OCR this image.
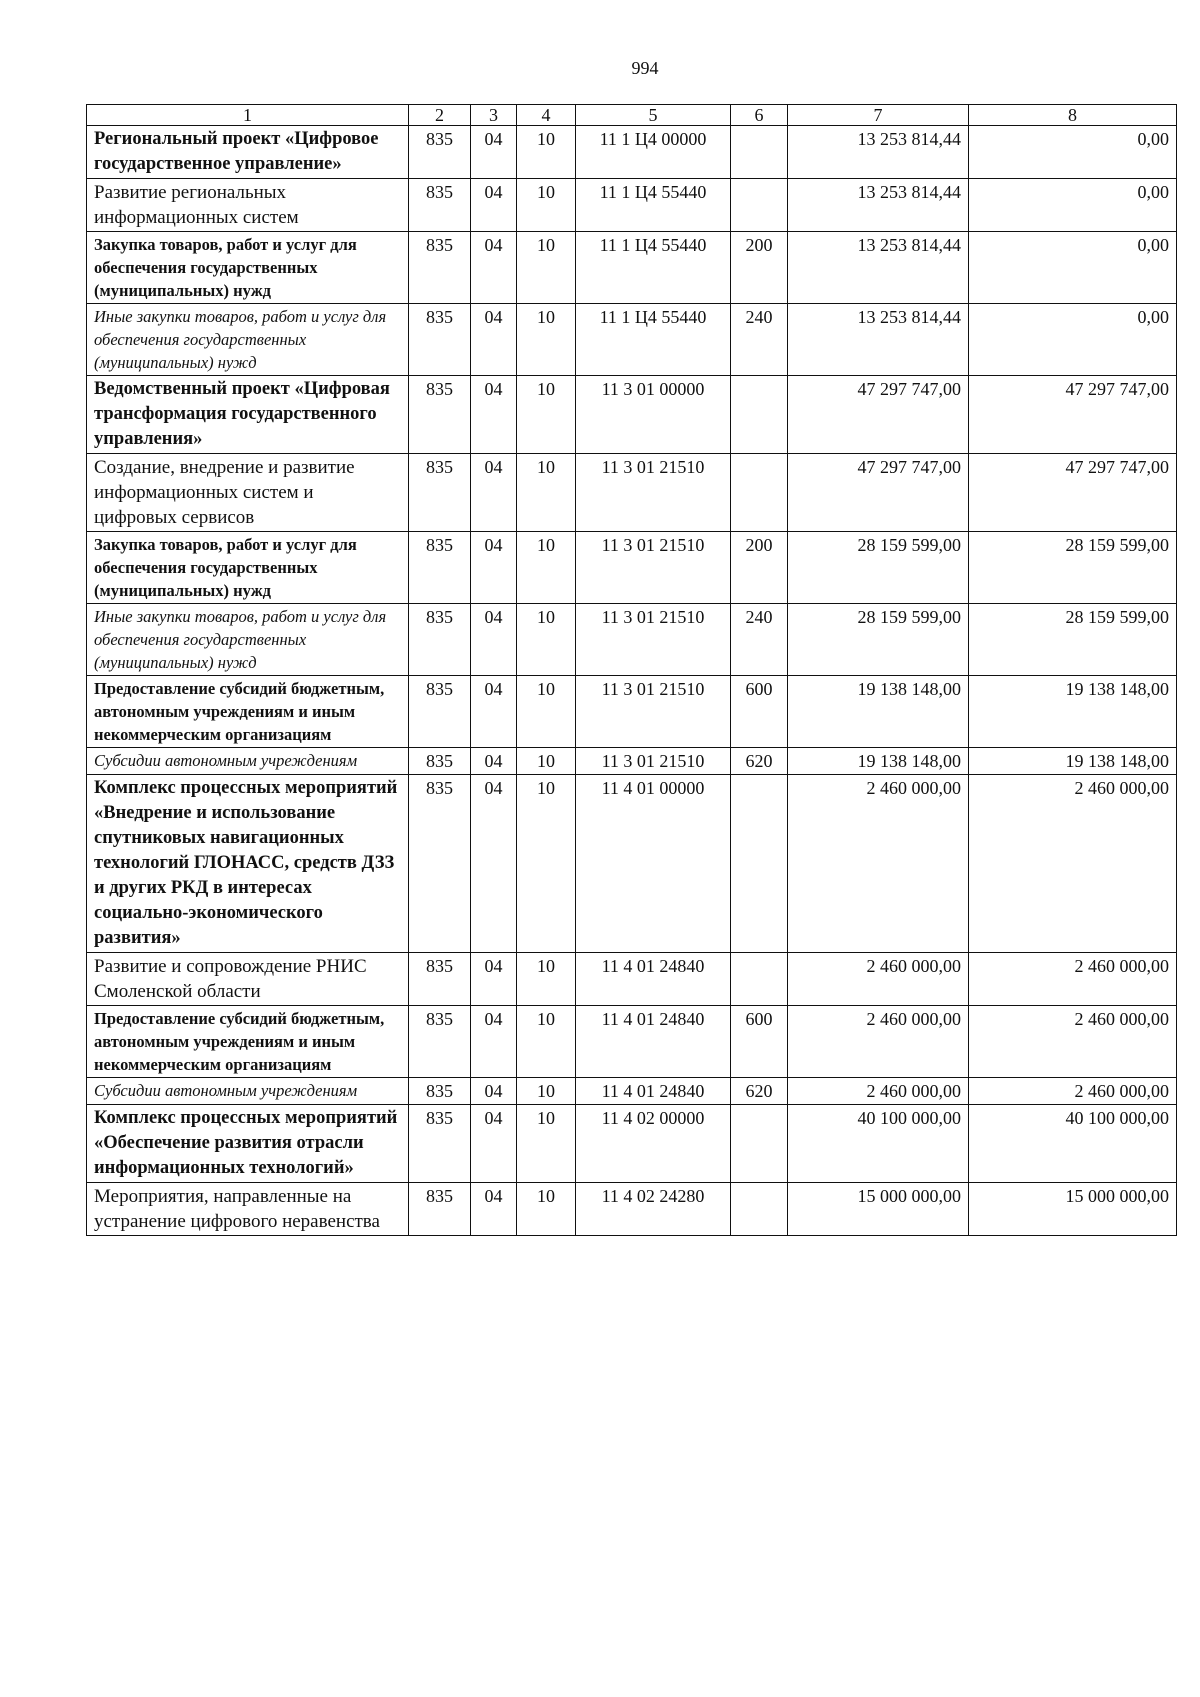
994
1	2	3	4	5	6	7	8
Региональный проект «Цифровое государственное управление»	835	04	10	11 1 Ц4 00000		13 253 814,44	0,00
Развитие региональных информационных систем	835	04	10	11 1 Ц4 55440		13 253 814,44	0,00
Закупка товаров, работ и услуг для обеспечения государственных (муниципальных) нужд	835	04	10	11 1 Ц4 55440	200	13 253 814,44	0,00
Иные закупки товаров, работ и услуг для обеспечения государственных (муниципальных) нужд	835	04	10	11 1 Ц4 55440	240	13 253 814,44	0,00
Ведомственный проект «Цифровая трансформация государственного управления»	835	04	10	11 3 01 00000		47 297 747,00	47 297 747,00
Создание, внедрение и развитие информационных систем и цифровых сервисов	835	04	10	11 3 01 21510		47 297 747,00	47 297 747,00
Закупка товаров, работ и услуг для обеспечения государственных (муниципальных) нужд	835	04	10	11 3 01 21510	200	28 159 599,00	28 159 599,00
Иные закупки товаров, работ и услуг для обеспечения государственных (муниципальных) нужд	835	04	10	11 3 01 21510	240	28 159 599,00	28 159 599,00
Предоставление субсидий бюджетным, автономным учреждениям и иным некоммерческим организациям	835	04	10	11 3 01 21510	600	19 138 148,00	19 138 148,00
Субсидии автономным учреждениям	835	04	10	11 3 01 21510	620	19 138 148,00	19 138 148,00
Комплекс процессных мероприятий «Внедрение и использование спутниковых навигационных технологий ГЛОНАСС, средств ДЗЗ и других РКД в интересах социально-экономического развития»	835	04	10	11 4 01 00000		2 460 000,00	2 460 000,00
Развитие и сопровождение РНИС Смоленской области	835	04	10	11 4 01 24840		2 460 000,00	2 460 000,00
Предоставление субсидий бюджетным, автономным учреждениям и иным некоммерческим организациям	835	04	10	11 4 01 24840	600	2 460 000,00	2 460 000,00
Субсидии автономным учреждениям	835	04	10	11 4 01 24840	620	2 460 000,00	2 460 000,00
Комплекс процессных мероприятий «Обеспечение развития отрасли информационных технологий»	835	04	10	11 4 02 00000		40 100 000,00	40 100 000,00
Мероприятия, направленные на устранение цифрового неравенства	835	04	10	11 4 02 24280		15 000 000,00	15 000 000,00
